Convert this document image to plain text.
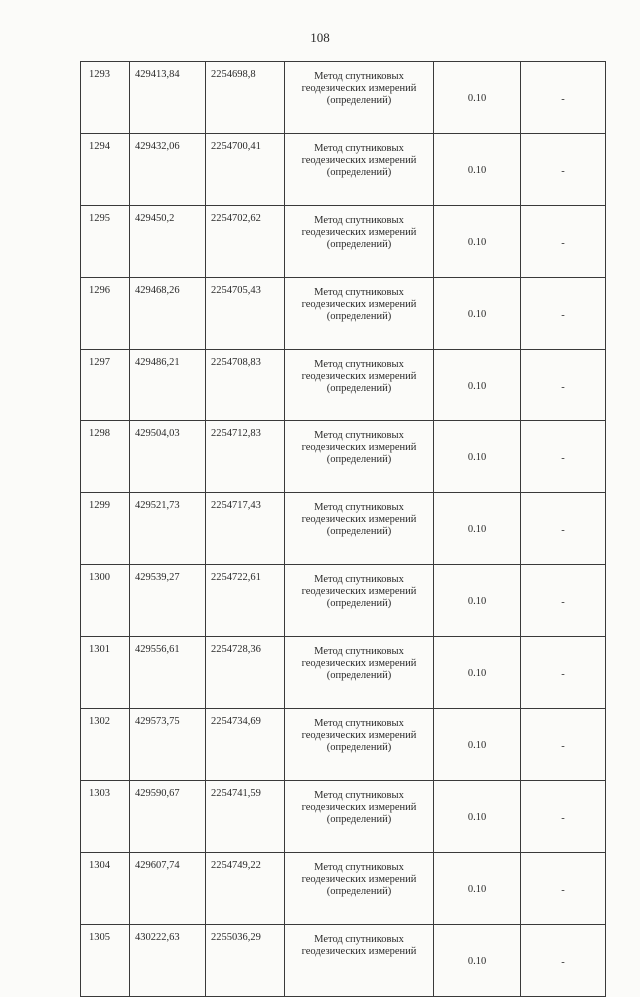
108
1293	429413,84	2254698,8	Метод спутниковых
геодезических измерений
(определений)	0.10	-
1294	429432,06	2254700,41	Метод спутниковых
геодезических измерений
(определений)	0.10	-
1295	429450,2	2254702,62	Метод спутниковых
геодезических измерений
(определений)	0.10	-
1296	429468,26	2254705,43	Метод спутниковых
геодезических измерений
(определений)	0.10	-
1297	429486,21	2254708,83	Метод спутниковых
геодезических измерений
(определений)	0.10	-
1298	429504,03	2254712,83	Метод спутниковых
геодезических измерений
(определений)	0.10	-
1299	429521,73	2254717,43	Метод спутниковых
геодезических измерений
(определений)	0.10	-
1300	429539,27	2254722,61	Метод спутниковых
геодезических измерений
(определений)	0.10	-
1301	429556,61	2254728,36	Метод спутниковых
геодезических измерений
(определений)	0.10	-
1302	429573,75	2254734,69	Метод спутниковых
геодезических измерений
(определений)	0.10	-
1303	429590,67	2254741,59	Метод спутниковых
геодезических измерений
(определений)	0.10	-
1304	429607,74	2254749,22	Метод спутниковых
геодезических измерений
(определений)	0.10	-
1305	430222,63	2255036,29	Метод спутниковых
геодезических измерений	0.10	-
